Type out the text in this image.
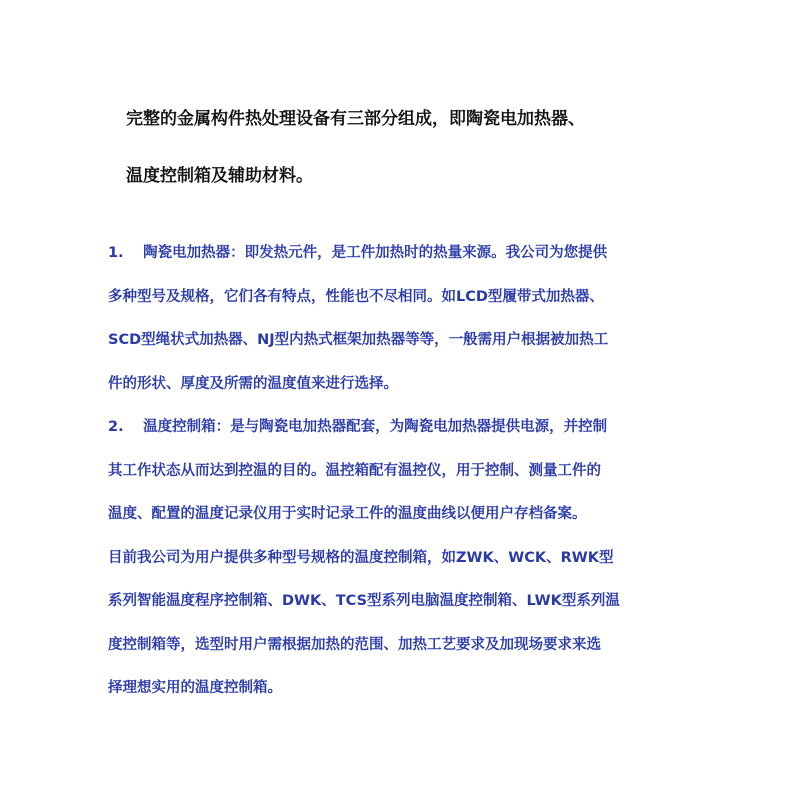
完整的金属构件热处理设备有三部分组成，即陶瓷电加热器、
温度控制箱及辅助材料。
1.　 陶瓷电加热器：即发热元件，是工件加热时的热量来源。我公司为您提供
多种型号及规格，它们各有特点，性能也不尽相同。如LCD型履带式加热器、
SCD型绳状式加热器、NJ型内热式框架加热器等等，一般需用户根据被加热工
件的形状、厚度及所需的温度值来进行选择。
2.　 温度控制箱：是与陶瓷电加热器配套，为陶瓷电加热器提供电源，并控制
其工作状态从而达到控温的目的。温控箱配有温控仪，用于控制、测量工件的
温度、配置的温度记录仪用于实时记录工件的温度曲线以便用户存档备案。
目前我公司为用户提供多种型号规格的温度控制箱，如ZWK、WCK、RWK型
系列智能温度程序控制箱、DWK、TCS型系列电脑温度控制箱、LWK型系列温
度控制箱等，选型时用户需根据加热的范围、加热工艺要求及加现场要求来选
择理想实用的温度控制箱。
